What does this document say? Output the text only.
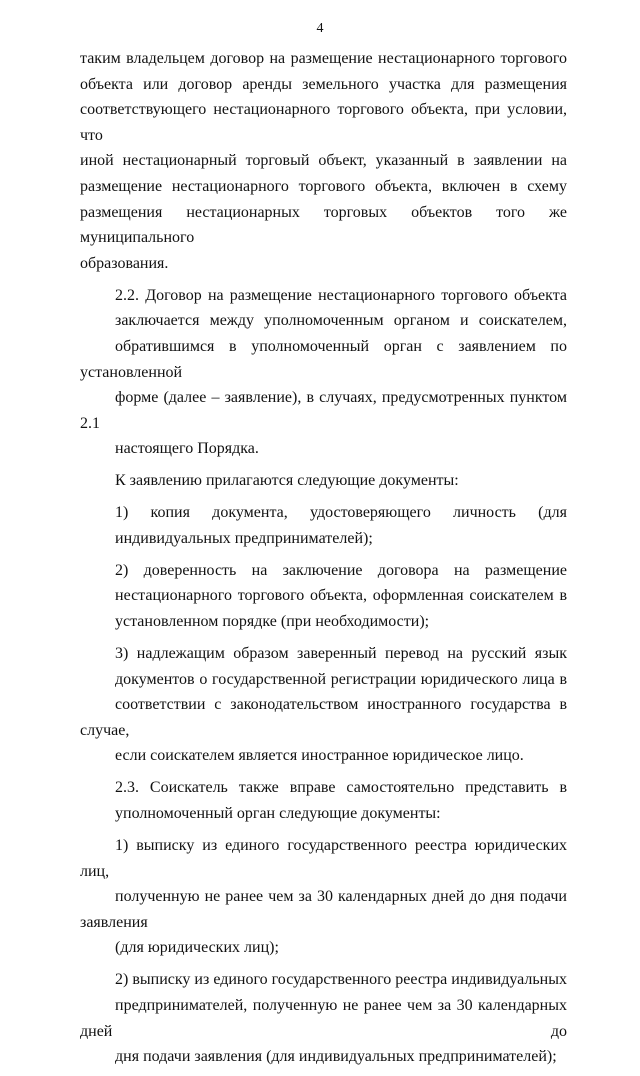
4

таким владельцем договор на размещение нестационарного торгового
объекта или договор аренды земельного участка для размещения
соответствующего нестационарного торгового объекта, при условии, что
иной нестационарный торговый объект, указанный в заявлении на
размещение нестационарного торгового объекта, включен в схему
размещения нестационарных торговых объектов того же муниципального
образования.

2.2. Договор на размещение нестационарного торгового объекта
заключается между уполномоченным органом и соискателем,
обратившимся в уполномоченный орган с заявлением по установленной
форме (далее – заявление), в случаях, предусмотренных пунктом 2.1
настоящего Порядка.

К заявлению прилагаются следующие документы:

1) копия документа, удостоверяющего личность (для
индивидуальных предпринимателей);

2) доверенность на заключение договора на размещение
нестационарного торгового объекта, оформленная соискателем в
установленном порядке (при необходимости);

3) надлежащим образом заверенный перевод на русский язык
документов о государственной регистрации юридического лица в
соответствии с законодательством иностранного государства в случае,
если соискателем является иностранное юридическое лицо.

2.3. Соискатель также вправе самостоятельно представить в
уполномоченный орган следующие документы:

1) выписку из единого государственного реестра юридических лиц,
полученную не ранее чем за 30 календарных дней до дня подачи заявления
(для юридических лиц);

2) выписку из единого государственного реестра индивидуальных
предпринимателей, полученную не ранее чем за 30 календарных дней до
дня подачи заявления (для индивидуальных предпринимателей);
